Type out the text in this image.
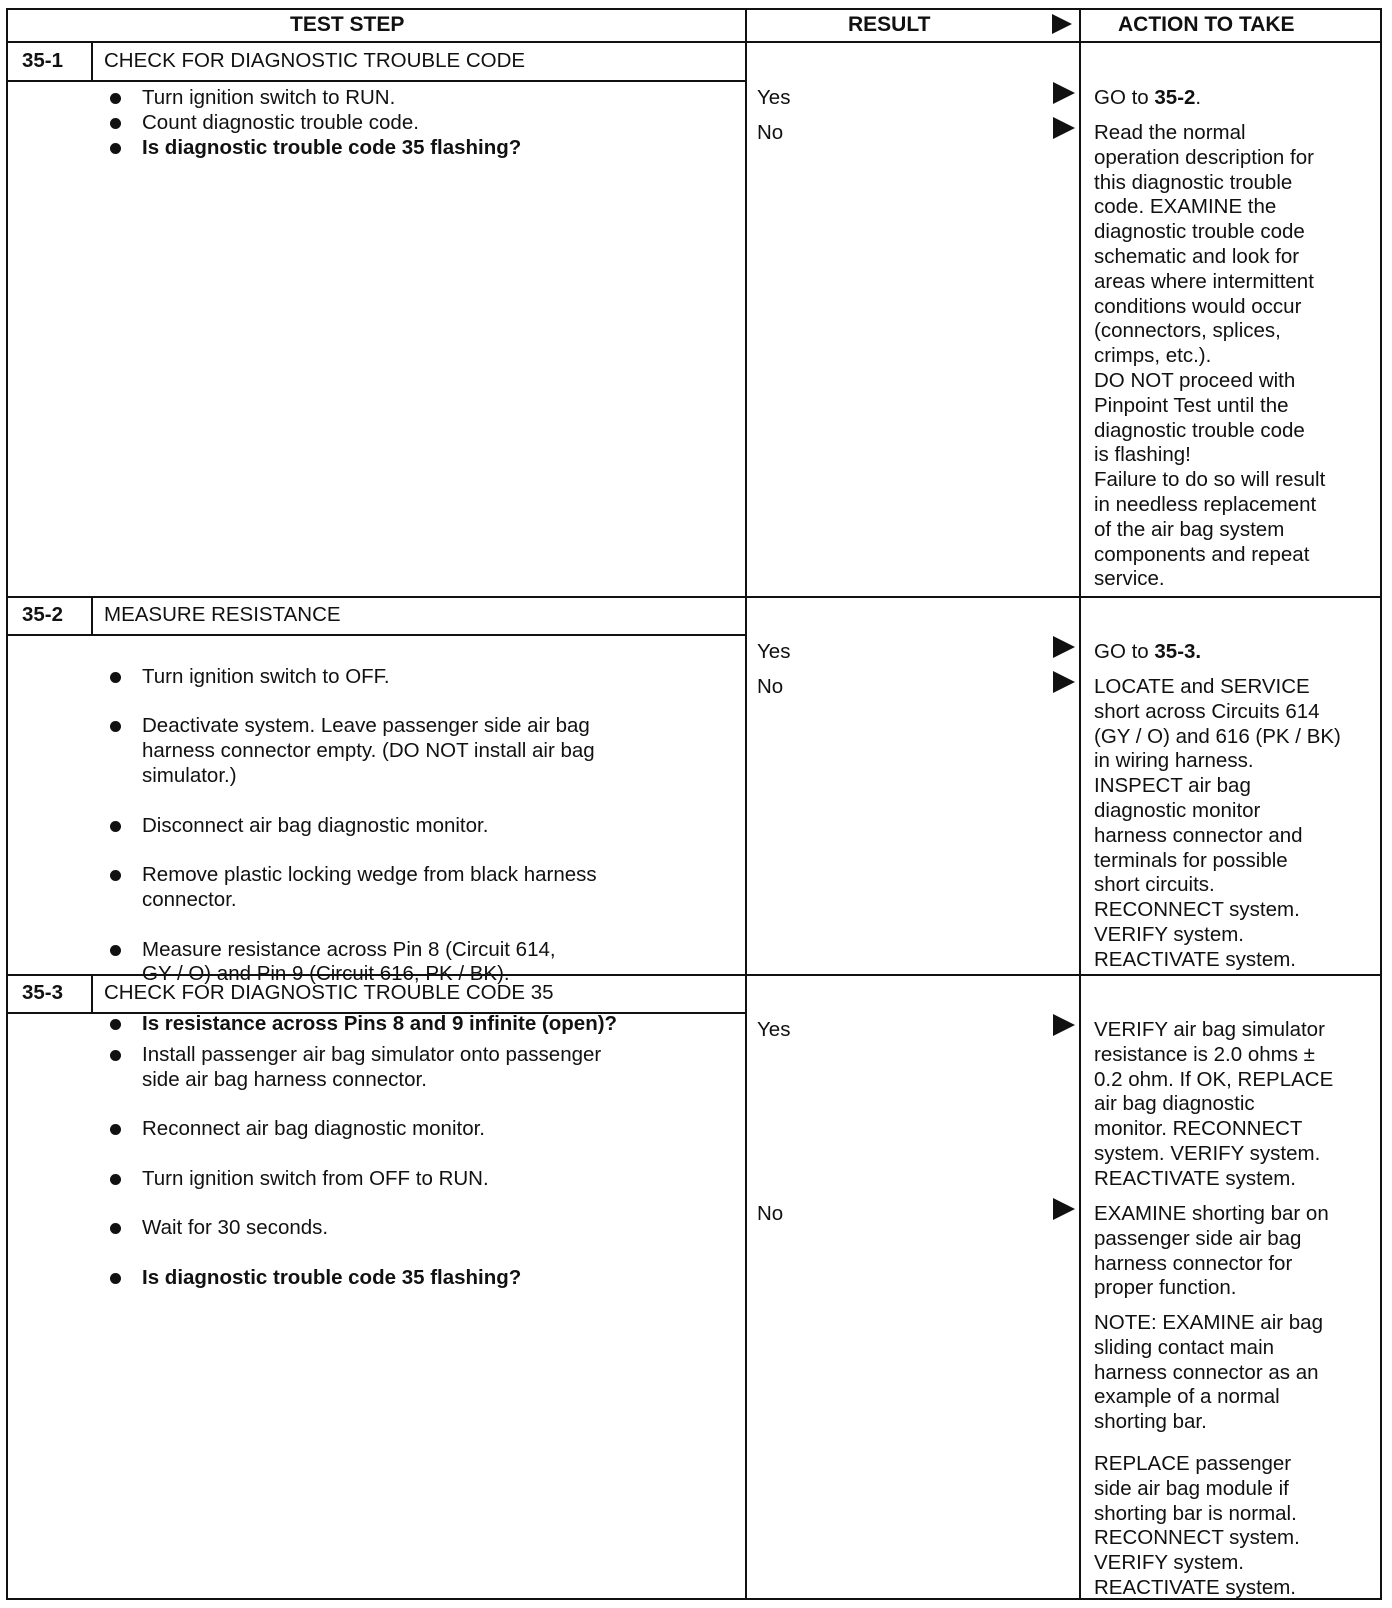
TEST STEP	RESULT	ACTION TO TAKE
35-1 CHECK FOR DIAGNOSTIC TROUBLE CODE
Turn ignition switch to RUN.
Count diagnostic trouble code.
Is diagnostic trouble code 35 flashing?
Yes	GO to 35-2.
No	Read the normal
operation description for
this diagnostic trouble
code. EXAMINE the
diagnostic trouble code
schematic and look for
areas where intermittent
conditions would occur
(connectors, splices,
crimps, etc.).
DO NOT proceed with
Pinpoint Test until the
diagnostic trouble code
is flashing!
Failure to do so will result
in needless replacement
of the air bag system
components and repeat
service.
35-2 MEASURE RESISTANCE

Turn ignition switch to OFF.

Deactivate system. Leave passenger side air bag
harness connector empty. (DO NOT install air bag
simulator.)

Disconnect air bag diagnostic monitor.

Remove plastic locking wedge from black harness
connector.

Measure resistance across Pin 8 (Circuit 614,
GY / O) and Pin 9 (Circuit 616, PK / BK).

Is resistance across Pins 8 and 9 infinite (open)?

Yes	GO to 35-3.
No	LOCATE and SERVICE
short across Circuits 614
(GY / O) and 616 (PK / BK)
in wiring harness.
INSPECT air bag
diagnostic monitor
harness connector and
terminals for possible
short circuits.
RECONNECT system.
VERIFY system.
REACTIVATE system.
35-3 CHECK FOR DIAGNOSTIC TROUBLE CODE 35

Install passenger air bag simulator onto passenger
side air bag harness connector.

Reconnect air bag diagnostic monitor.

Turn ignition switch from OFF to RUN.

Wait for 30 seconds.

Is diagnostic trouble code 35 flashing?

Yes	VERIFY air bag simulator
resistance is 2.0 ohms ±
0.2 ohm. If OK, REPLACE
air bag diagnostic
monitor. RECONNECT
system. VERIFY system.
REACTIVATE system.
No	EXAMINE shorting bar on
passenger side air bag
harness connector for
proper function.
NOTE: EXAMINE air bag
sliding contact main
harness connector as an
example of a normal
shorting bar.
REPLACE passenger
side air bag module if
shorting bar is normal.
RECONNECT system.
VERIFY system.
REACTIVATE system.
